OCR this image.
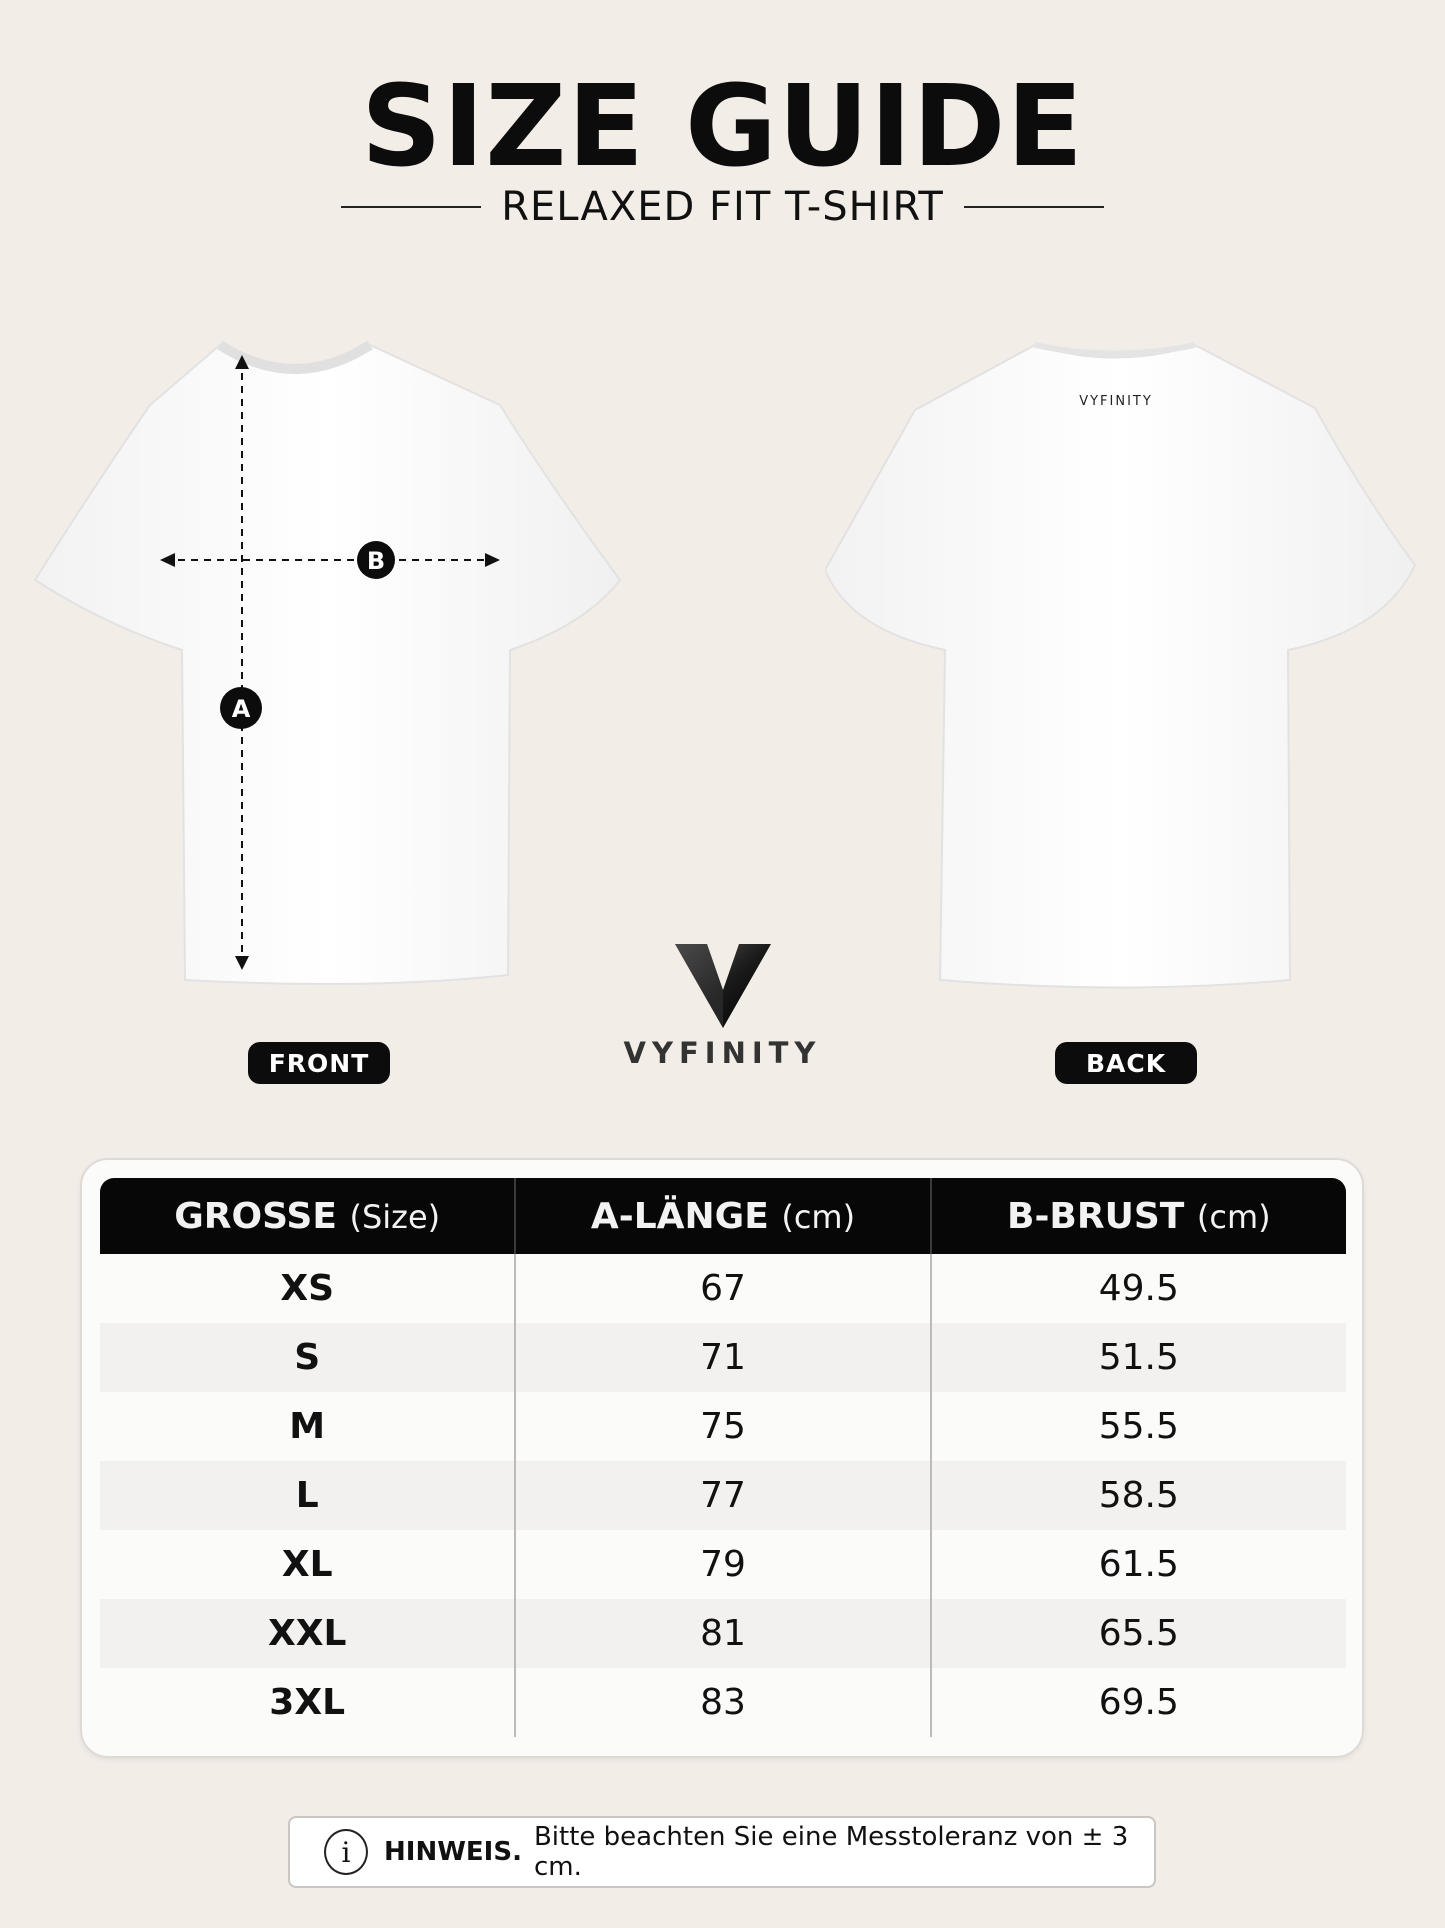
SIZE GUIDE
RELAXED FIT T-SHIRT
B
A
VYFINITY
FRONT	BACK
VYFINITY
GROSSE (Size)	A-LÄNGE (cm)	B-BRUST (cm)
XS	67	49.5
S	71	51.5
M	75	55.5
L	77	58.5
XL	79	61.5
XXL	81	65.5
3XL	83	69.5
i	HINWEIS. Bitte beachten Sie eine Messtoleranz von ± 3 cm.
